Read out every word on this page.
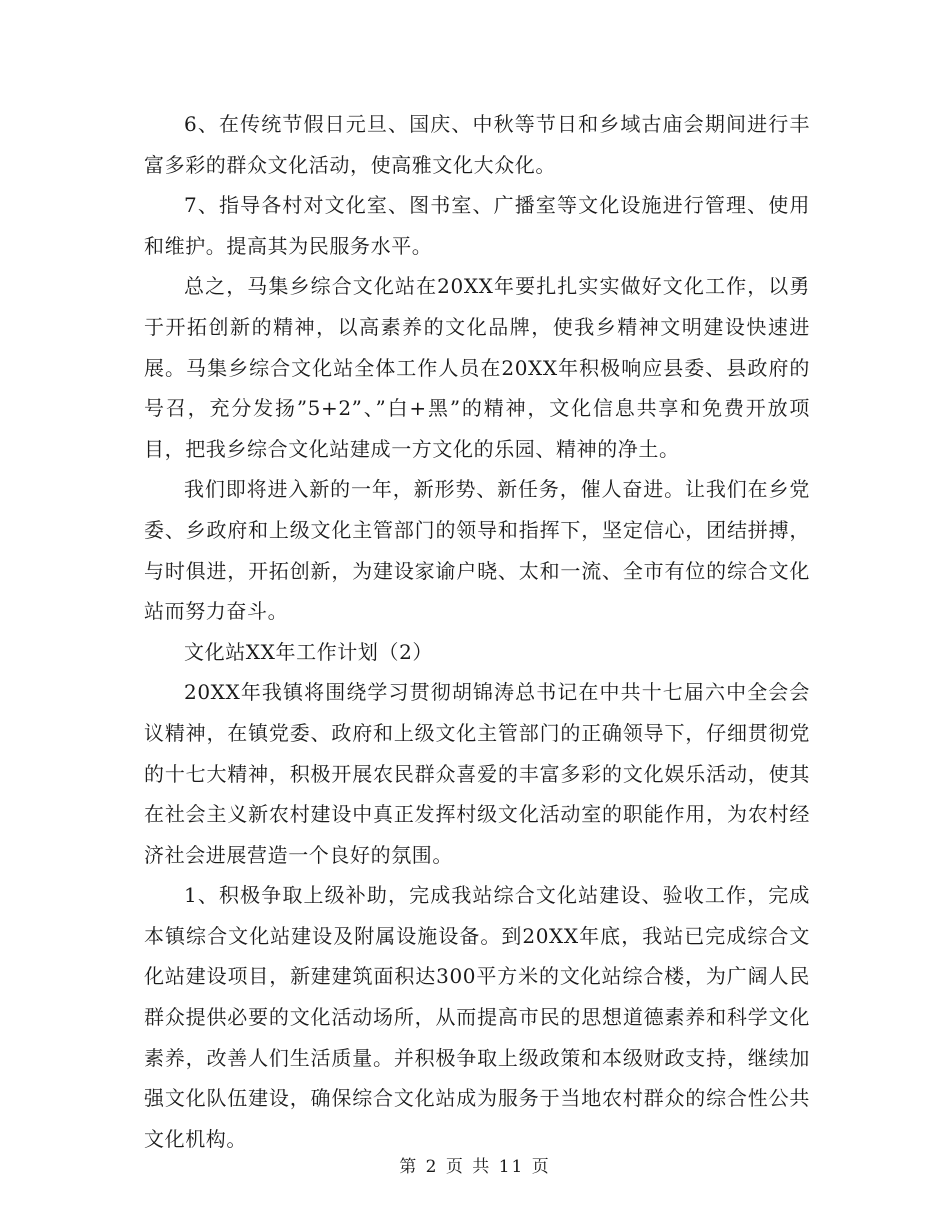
6、在传统节假日元旦、国庆、中秋等节日和乡域古庙会期间进行丰富多彩的群众文化活动，使高雅文化大众化。

7、指导各村对文化室、图书室、广播室等文化设施进行管理、使用和维护。提高其为民服务水平。

总之，马集乡综合文化站在20XX年要扎扎实实做好文化工作，以勇于开拓创新的精神，以高素养的文化品牌，使我乡精神文明建设快速进展。马集乡综合文化站全体工作人员在20XX年积极响应县委、县政府的号召，充分发扬”5+2”、”白+黑”的精神，文化信息共享和免费开放项目，把我乡综合文化站建成一方文化的乐园、精神的净土。

我们即将进入新的一年，新形势、新任务，催人奋进。让我们在乡党委、乡政府和上级文化主管部门的领导和指挥下，坚定信心，团结拼搏，与时俱进，开拓创新，为建设家谕户晓、太和一流、全市有位的综合文化站而努力奋斗。

文化站XX年工作计划（2）

20XX年我镇将围绕学习贯彻胡锦涛总书记在中共十七届六中全会会议精神，在镇党委、政府和上级文化主管部门的正确领导下，仔细贯彻党的十七大精神，积极开展农民群众喜爱的丰富多彩的文化娱乐活动，使其在社会主义新农村建设中真正发挥村级文化活动室的职能作用，为农村经济社会进展营造一个良好的氛围。

1、积极争取上级补助，完成我站综合文化站建设、验收工作，完成本镇综合文化站建设及附属设施设备。到20XX年底，我站已完成综合文化站建设项目，新建建筑面积达300平方米的文化站综合楼，为广阔人民群众提供必要的文化活动场所，从而提高市民的思想道德素养和科学文化素养，改善人们生活质量。并积极争取上级政策和本级财政支持，继续加强文化队伍建设，确保综合文化站成为服务于当地农村群众的综合性公共文化机构。

第 2 页 共 11 页
